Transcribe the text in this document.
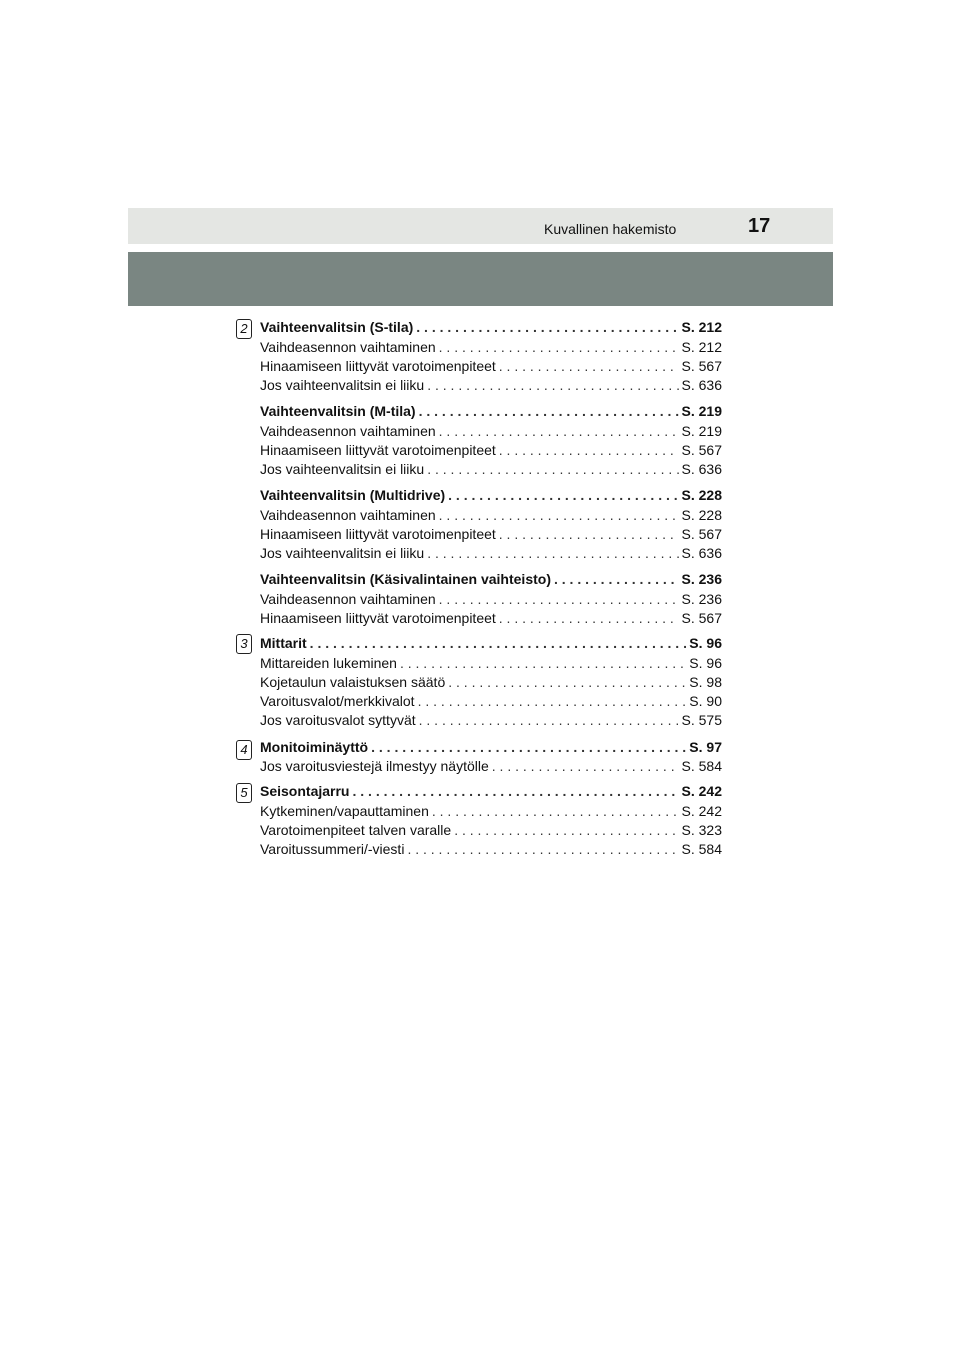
Kuvallinen hakemisto	17
2 Vaihteenvalitsin (S-tila) . . .	S. 212
Vaihdeasennon vaihtaminen . . .	S. 212
Hinaamiseen liittyvät varotoimenpiteet . . .	S. 567
Jos vaihteenvalitsin ei liiku . . .	S. 636
Vaihteenvalitsin (M-tila) . . .	S. 219
Vaihdeasennon vaihtaminen . . .	S. 219
Hinaamiseen liittyvät varotoimenpiteet . . .	S. 567
Jos vaihteenvalitsin ei liiku . . .	S. 636
Vaihteenvalitsin (Multidrive) . . .	S. 228
Vaihdeasennon vaihtaminen . . .	S. 228
Hinaamiseen liittyvät varotoimenpiteet . . .	S. 567
Jos vaihteenvalitsin ei liiku . . .	S. 636
Vaihteenvalitsin (Käsivalintainen vaihteisto) . . .	S. 236
Vaihdeasennon vaihtaminen . . .	S. 236
Hinaamiseen liittyvät varotoimenpiteet . . .	S. 567
3 Mittarit . . .	S. 96
Mittareiden lukeminen . . .	S. 96
Kojetaulun valaistuksen säätö . . .	S. 98
Varoitusvalot/merkkivalot . . .	S. 90
Jos varoitusvalot syttyvät . . .	S. 575
4 Monitoiminäyttö . . .	S. 97
Jos varoitusviestejä ilmestyy näytölle . . .	S. 584
5 Seisontajarru . . .	S. 242
Kytkeminen/vapauttaminen . . .	S. 242
Varotoimenpiteet talven varalle . . .	S. 323
Varoitussummeri/-viesti . . .	S. 584
